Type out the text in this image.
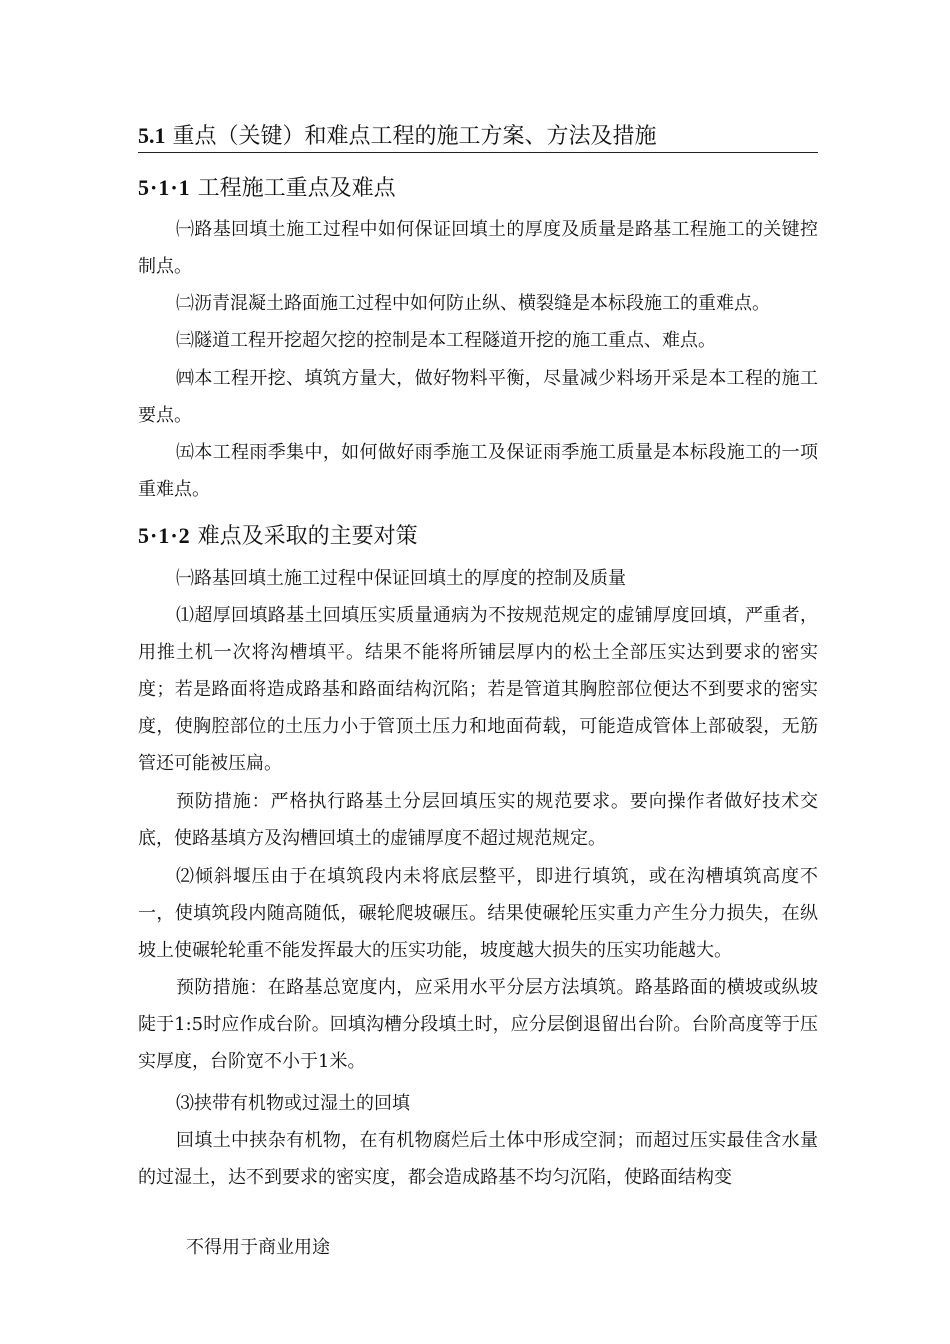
5.1 重点（关键）和难点工程的施工方案、方法及措施
5·1·1 工程施工重点及难点
㈠路基回填土施工过程中如何保证回填土的厚度及质量是路基工程施工的关键控制点。
㈡沥青混凝土路面施工过程中如何防止纵、横裂缝是本标段施工的重难点。
㈢隧道工程开挖超欠挖的控制是本工程隧道开挖的施工重点、难点。
㈣本工程开挖、填筑方量大，做好物料平衡，尽量减少料场开采是本工程的施工要点。
㈤本工程雨季集中，如何做好雨季施工及保证雨季施工质量是本标段施工的一项重难点。
5·1·2 难点及采取的主要对策
㈠路基回填土施工过程中保证回填土的厚度的控制及质量
⑴超厚回填路基土回填压实质量通病为不按规范规定的虚铺厚度回填，严重者，用推土机一次将沟槽填平。结果不能将所铺层厚内的松土全部压实达到要求的密实度；若是路面将造成路基和路面结构沉陷；若是管道其胸腔部位便达不到要求的密实度，使胸腔部位的土压力小于管顶土压力和地面荷载，可能造成管体上部破裂，无筋管还可能被压扁。
预防措施：严格执行路基土分层回填压实的规范要求。要向操作者做好技术交底，使路基填方及沟槽回填土的虚铺厚度不超过规范规定。
⑵倾斜堰压由于在填筑段内未将底层整平，即进行填筑，或在沟槽填筑高度不一，使填筑段内随高随低，碾轮爬坡碾压。结果使碾轮压实重力产生分力损失，在纵坡上使碾轮轮重不能发挥最大的压实功能，坡度越大损失的压实功能越大。
预防措施：在路基总宽度内，应采用水平分层方法填筑。路基路面的横坡或纵坡陡于1:5时应作成台阶。回填沟槽分段填土时，应分层倒退留出台阶。台阶高度等于压实厚度，台阶宽不小于1米。
⑶挟带有机物或过湿土的回填
回填土中挟杂有机物，在有机物腐烂后土体中形成空洞；而超过压实最佳含水量的过湿土，达不到要求的密实度，都会造成路基不均匀沉陷，使路面结构变
不得用于商业用途
